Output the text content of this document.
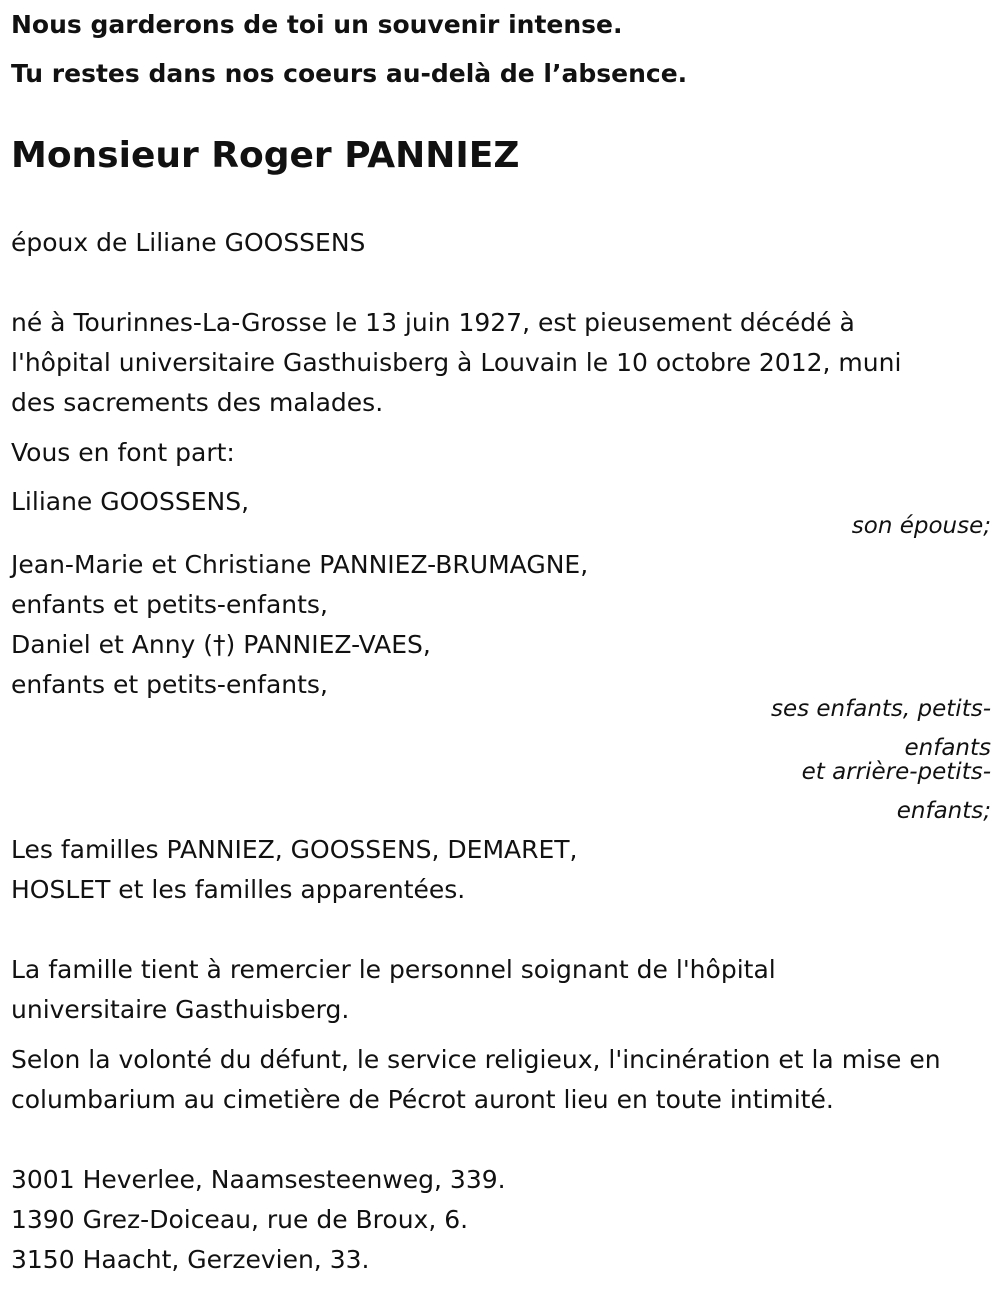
Nous garderons de toi un souvenir intense.
Tu restes dans nos coeurs au-delà de l’absence.
Monsieur Roger PANNIEZ
époux de Liliane GOOSSENS
né à Tourinnes-La-Grosse le 13 juin 1927, est pieusement décédé à
l'hôpital universitaire Gasthuisberg à Louvain le 10 octobre 2012, muni
des sacrements des malades.
Vous en font part:
Liliane GOOSSENS,
son épouse;
Jean-Marie et Christiane PANNIEZ-BRUMAGNE,
enfants et petits-enfants,
Daniel et Anny (†) PANNIEZ-VAES,
enfants et petits-enfants,
ses enfants, petits-
enfants
et arrière-petits-
enfants;
Les familles PANNIEZ, GOOSSENS, DEMARET,
HOSLET et les familles apparentées.
La famille tient à remercier le personnel soignant de l'hôpital
universitaire Gasthuisberg.
Selon la volonté du défunt, le service religieux, l'incinération et la mise en
columbarium au cimetière de Pécrot auront lieu en toute intimité.
3001 Heverlee, Naamsesteenweg, 339.
1390 Grez-Doiceau, rue de Broux, 6.
3150 Haacht, Gerzevien, 33.
